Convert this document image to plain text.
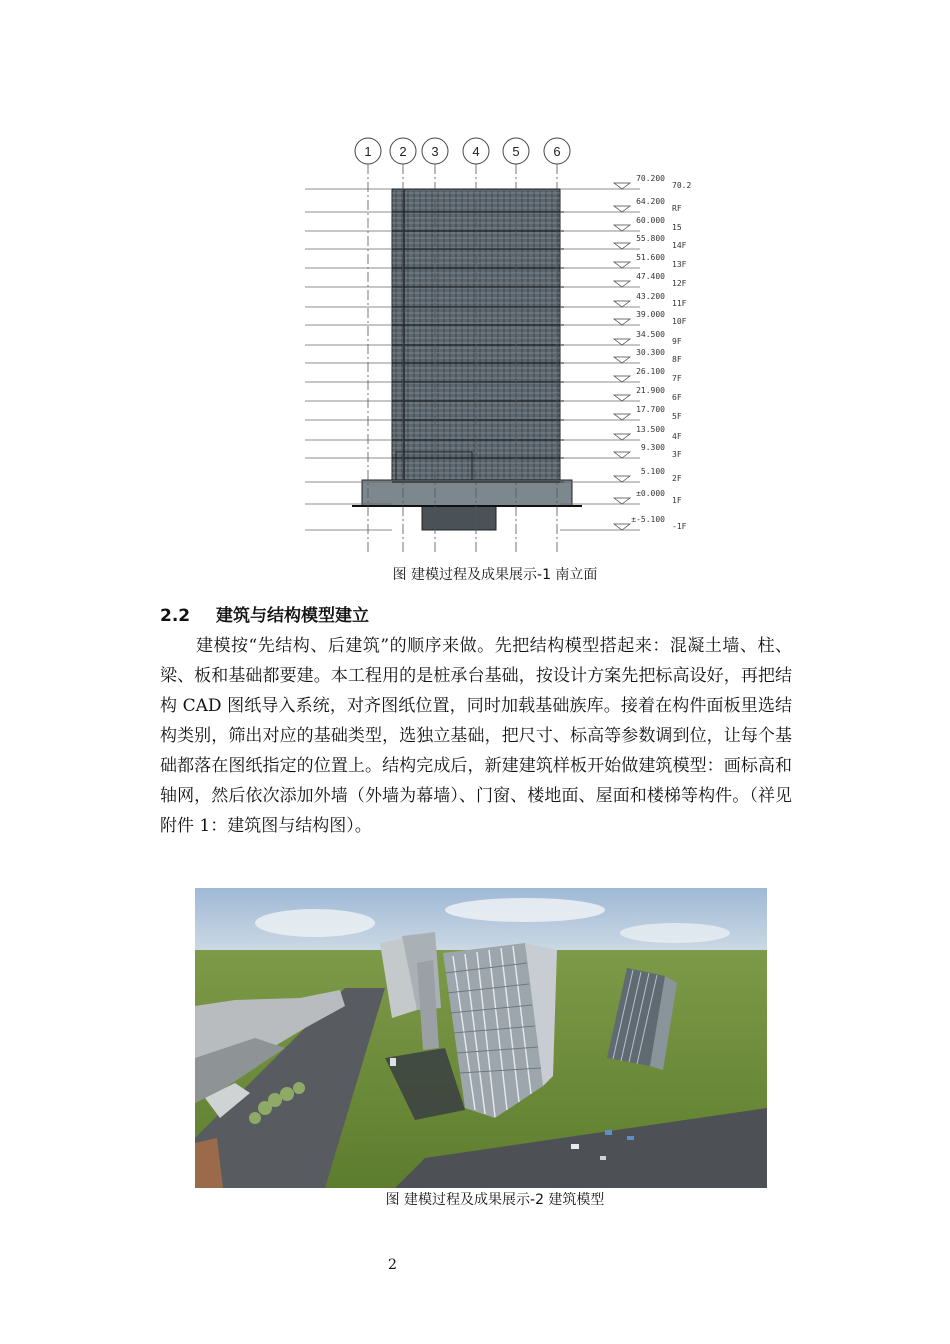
70.200
70.2
64.200
RF
60.000
15
55.800
14F
51.600
13F
47.400
12F
43.200
11F
39.000
10F
34.500
9F
30.300
8F
26.100
7F
21.900
6F
17.700
5F
13.500
4F
9.300
3F
5.100
2F
±0.000
1F
±-5.100
-1F
1 2 3	4	5	6
图 建模过程及成果展示-1 南立面
2.2 建筑与结构模型建立
建模按“先结构、后建筑”的顺序来做。先把结构模型搭起来：混凝土墙、柱、梁、板和基础都要建。本工程用的是桩承台基础，按设计方案先把标高设好，再把结构 CAD 图纸导入系统，对齐图纸位置，同时加载基础族库。接着在构件面板里选结构类别，筛出对应的基础类型，选独立基础，把尺寸、标高等参数调到位，让每个基础都落在图纸指定的位置上。结构完成后，新建建筑样板开始做建筑模型：画标高和轴网，然后依次添加外墙（外墙为幕墙）、门窗、楼地面、屋面和楼梯等构件。（祥见附件 1：建筑图与结构图）。
图 建模过程及成果展示-2 建筑模型
2
